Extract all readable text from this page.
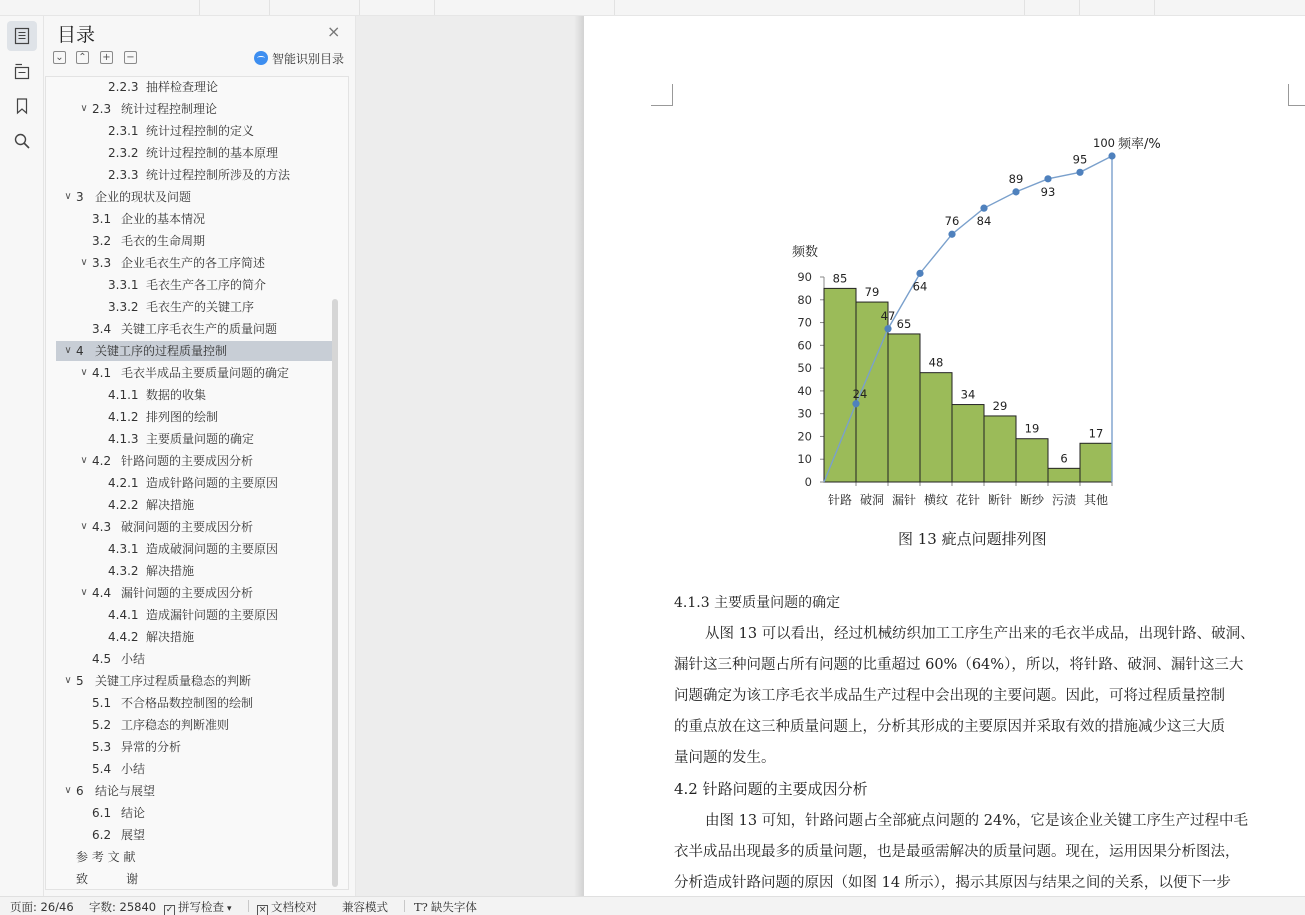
目录	×
⌄ ⌃ + −	智能识别目录
2.2.3 抽样检查理论
∨ 2.3 统计过程控制理论
2.3.1 统计过程控制的定义
2.3.2 统计过程控制的基本原理
2.3.3 统计过程控制所涉及的方法
∨ 3 企业的现状及问题
3.1 企业的基本情况
3.2 毛衣的生命周期
∨ 3.3 企业毛衣生产的各工序简述
3.3.1 毛衣生产各工序的简介
3.3.2 毛衣生产的关键工序
3.4 关键工序毛衣生产的质量问题
∨ 4 关键工序的过程质量控制
∨ 4.1 毛衣半成品主要质量问题的确定
4.1.1 数据的收集
4.1.2 排列图的绘制
4.1.3 主要质量问题的确定
∨ 4.2 针路问题的主要成因分析
4.2.1 造成针路问题的主要原因
4.2.2 解决措施
∨ 4.3 破洞问题的主要成因分析
4.3.1 造成破洞问题的主要原因
4.3.2 解决措施
∨ 4.4 漏针问题的主要成因分析
4.4.1 造成漏针问题的主要原因
4.4.2 解决措施
4.5 小结
∨ 5 关键工序过程质量稳态的判断
5.1 不合格品数控制图的绘制
5.2 工序稳态的判断准则
5.3 异常的分析
5.4 小结
∨ 6 结论与展望
6.1 结论
6.2 展望
参 考 文 献
致          谢
0
10
20
30
40
50
60
70
80
90
频数
85
针路
79
破洞
65
漏针
48
横纹
34
花针
29
断针
19
断纱
6
污渍
17
其他
24
47
64
76 84
89
93
95
100 频率/%
图 13 疵点问题排列图
4.1.3 主要质量问题的确定
从图 13 可以看出，经过机械纺织加工工序生产出来的毛衣半成品，出现针路、破洞、
漏针这三种问题占所有问题的比重超过 60%（64%），所以，将针路、破洞、漏针这三大
问题确定为该工序毛衣半成品生产过程中会出现的主要问题。因此，可将过程质量控制
的重点放在这三种质量问题上，分析其形成的主要原因并采取有效的措施减少这三大质
量问题的发生。
4.2 针路问题的主要成因分析
由图 13 可知，针路问题占全部疵点问题的 24%，它是该企业关键工序生产过程中毛
衣半成品出现最多的质量问题，也是最亟需解决的质量问题。现在，运用因果分析图法，
分析造成针路问题的原因（如图 14 所示），揭示其原因与结果之间的关系，以便下一步
页面: 26/46 字数: 25840 ✓ 拼写检查 ▾	× 文档校对 兼容模式 T? 缺失字体
